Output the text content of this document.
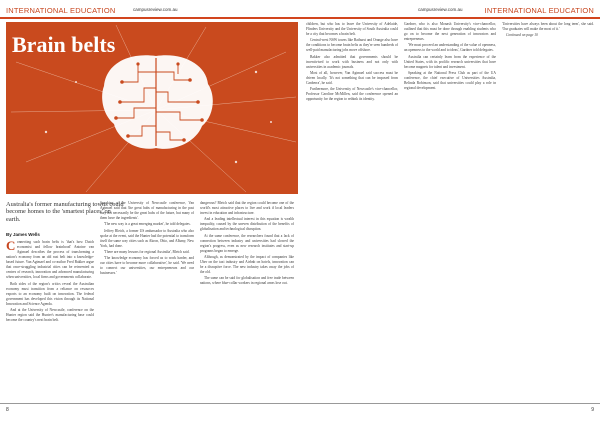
INTERNATIONAL EDUCATION	campusreview.com.au
Brain belts
Australia's former manufacturing towns could become homes to the 'smartest places' on earth.
By James Wells

Connecting such brain belts is 'that's how Dutch economist and fellow brainhood' Antoine van Agtmael describes the process of transforming a nation's economy from an old rust belt into a knowledge-based future. Van Agtmael and co-author Fred Bakker argue that once-struggling industrial cities can be reinvented as centres of research, innovation and advanced manufacturing when universities, local firms and governments collaborate.

Both sides of the region's critics reveal the Australian economy must transition from a reliance on resources exports to an economy built on innovation. The federal government has developed this vision through its National Innovation and Science Agenda.

And at the University of Newcastle, conference on the Hunter region said the Hunter's manufacturing base could become the country's next brain belt.

Speaking at the University of Newcastle conference, Van Agtmael said that 'the great hubs of manufacturing in the past may not necessarily be the great hubs of the future, but many of them have the ingredients'.

'The new way is a great emerging market', he told delegates.

Jeffrey Bleich, a former US ambassador to Australia who also spoke at the event, said the Hunter had the potential to transform itself the same way cities such as Akron, Ohio, and Albany, New York, had done.

'There are many lessons for regional Australia', Bleich said.

'The knowledge economy has forced us to work harder, and our cities have to become more collaborative', he said. 'We need to connect our universities, our entrepreneurs and our businesses.'

dangerous? Bleich said that the region could become one of the world's most attractive places to live and work if local leaders invest in education and infrastructure.

And a leading intellectual interest in this equation is wealth inequality, caused by the uneven distribution of the benefits of globalisation and technological disruption.

At the same conference, the researchers found that a lack of connection between industry and universities had slowed the region's progress, even as new research institutes and start-up programs began to emerge.

Although, as demonstrated by the impact of companies like Uber on the taxi industry and Airbnb on hotels, innovation can be a disruptive force. The new industry takes away the jobs of the old.

The same can be said for globalisation and free trade between nations, where blue-collar workers in regional areas lose out.

8
campusreview.com.au	INTERNATIONAL EDUCATION

children, but who has to leave the University of Adelaide, Flinders University and the University of South Australia could be a city that becomes a brain belt.

Central-west NSW towns like Bathurst and Orange also have the conditions to become brain belts as they're seen hundreds of well-paid manufacturing jobs move offshore.

Bakker also admitted that governments should be incentivised to work with business and not only with universities in academic journals.

Most of all, however, Van Agtmael said success must be driven locally. 'It's not something that can be imposed from Canberra', he said.

Furthermore, the University of Newcastle's vice-chancellor, Professor Caroline McMillen, said the conference opened an opportunity for the region to rethink its identity.

Gardner, who is also Monash University's vice-chancellor, outlined that this must be done through enabling students who go on to become the next generation of innovators and entrepreneurs.

'We must proceed an understanding of the value of openness, an openness to the world and to ideas', Gardner told delegates.

Australia can certainly learn from the experience of the United States, with its prolific research universities that have become magnets for talent and investment.

Speaking at the National Press Club as part of the UA conference, the chief executive of Universities Australia, Belinda Robinson, said that universities could play a role in regional development.

'Universities have always been about the long term', she said. 'Our graduates will make the most of it.'

Continued on page 10

9
